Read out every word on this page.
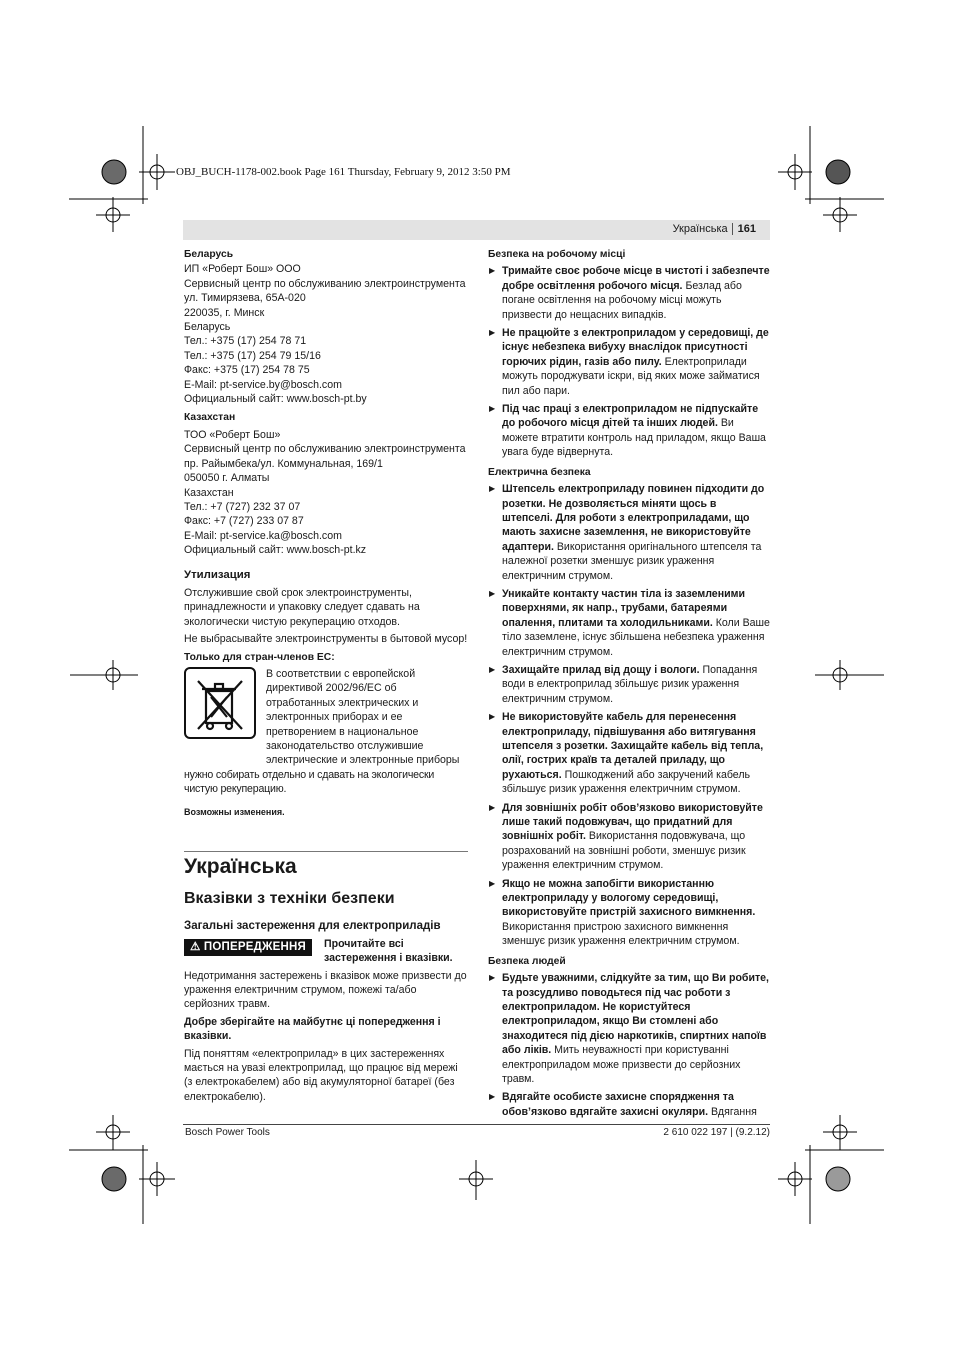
OBJ_BUCH-1178-002.book Page 161 Thursday, February 9, 2012 3:50 PM
Українська 161

Беларусь

ИП «Роберт Бош» ООО

Сервисный центр по обслуживанию электроинструмента

ул. Тимирязева, 65А-020

220035, г. Минск

Беларусь

Тел.: +375 (17) 254 78 71

Тел.: +375 (17) 254 79 15/16

Факс: +375 (17) 254 78 75

E-Mail: pt-service.by@bosch.com

Официальный сайт: www.bosch-pt.by

Казахстан

ТОО «Роберт Бош»

Сервисный центр по обслуживанию электроинструмента

пр. Райымбека/ул. Коммунальная, 169/1

050050 г. Алматы

Казахстан

Тел.: +7 (727) 232 37 07

Факс: +7 (727) 233 07 87

E-Mail: pt-service.ka@bosch.com

Официальный сайт: www.bosch-pt.kz

Утилизация

Отслужившие свой срок электроинструменты, принадлежности и упаковку следует сдавать на экологически чистую рекуперацию отходов.

Не выбрасывайте электроинструменты в бытовой мусор!

Только для стран-членов ЕС:

В соответствии с европейской

директивой 2002/96/ЕС об

отработанных электрических и

электронных приборах и ее

претворением в национальное

законодательство отслужившие

электрические и электронные приборы

нужно собирать отдельно и сдавать на экологически чистую рекуперацию.

Возможны изменения.

Українська

Вказівки з техніки безпеки

Загальні застереження для електроприладів

⚠ ПОПЕРЕДЖЕННЯ	Прочитайте всі застереження і вказівки.

Недотримання застережень і вказівок може призвести до ураження електричним струмом, пожежі та/або серйозних травм.

Добре зберігайте на майбутнє ці попередження і вказівки.

Під поняттям «електроприлад» в цих застереженнях мається на увазі електроприлад, що працює від мережі (з електрокабелем) або від акумуляторної батареї (без електрокабелю).

Безпека на робочому місці

▶ Тримайте своє робоче місце в чистоті і забезпечте добре освітлення робочого місця. Безлад або погане освітлення на робочому місці можуть призвести до нещасних випадків.
▶ Не працюйте з електроприладом у середовищі, де існує небезпека вибуху внаслідок присутності горючих рідин, газів або пилу. Електроприлади можуть породжувати іскри, від яких може займатися пил або пари.
▶ Під час праці з електроприладом не підпускайте до робочого місця дітей та інших людей. Ви можете втратити контроль над приладом, якщо Ваша увага буде відвернута.

Електрична безпека

▶ Штепсель електроприладу повинен підходити до розетки. Не дозволяється міняти щось в штепселі. Для роботи з електроприладами, що мають захисне заземлення, не використовуйте адаптери. Використання оригінального штепселя та належної розетки зменшує ризик ураження електричним струмом.
▶ Уникайте контакту частин тіла із заземленими поверхнями, як напр., трубами, батареями опалення, плитами та холодильниками. Коли Ваше тіло заземлене, існує збільшена небезпека ураження електричним струмом.
▶ Захищайте прилад від дощу і вологи. Попадання води в електроприлад збільшує ризик ураження електричним струмом.
▶ Не використовуйте кабель для перенесення електроприладу, підвішування або витягування штепселя з розетки. Захищайте кабель від тепла, олії, гострих країв та деталей приладу, що рухаються. Пошкоджений або закручений кабель збільшує ризик ураження електричним струмом.
▶ Для зовнішніх робіт обов’язково використовуйте лише такий подовжувач, що придатний для зовнішніх робіт. Використання подовжувача, що розрахований на зовнішні роботи, зменшує ризик ураження електричним струмом.
▶ Якщо не можна запобігти використанню електроприладу у вологому середовищі, використовуйте пристрій захисного вимкнення. Використання пристрою захисного вимкнення зменшує ризик ураження електричним струмом.

Безпека людей

▶ Будьте уважними, слідкуйте за тим, що Ви робите, та розсудливо поводьтеся під час роботи з електроприладом. Не користуйтеся електроприладом, якщо Ви стомлені або знаходитеся під дією наркотиків, спиртних напоїв або ліків. Мить неуважності при користуванні електроприладом може призвести до серйозних травм.
▶ Вдягайте особисте захисне спорядження та обов’язково вдягайте захисні окуляри. Вдягання
Bosch Power Tools	2 610 022 197 | (9.2.12)
